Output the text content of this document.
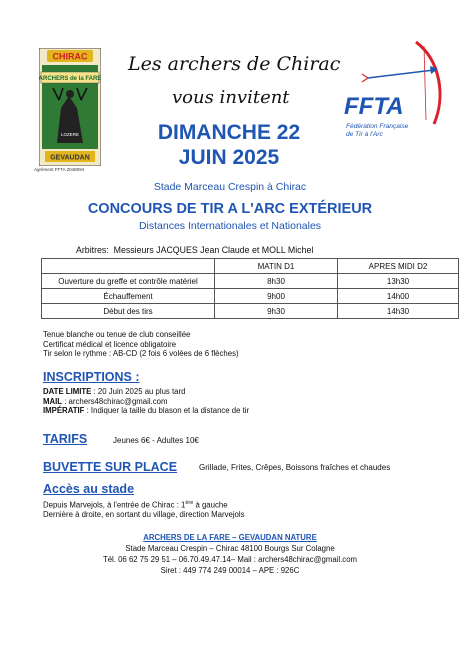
CHIRAC
ARCHERS de la FARE
LOZERE
GEVAUDAN
Agrément FFTA 2048094
Les archers de Chirac
vous invitent FFTA
Fédération Française
de Tir à l'Arc
DIMANCHE 22
JUIN 2025
Stade Marceau Crespin à Chirac
CONCOURS DE TIR A L'ARC EXTÉRIEUR
Distances Internationales et Nationales
Arbitres: Messieurs JACQUES Jean Claude et MOLL Michel
	MATIN D1	APRES MIDI D2
Ouverture du greffe et contrôle matériel	8h30	13h30
Échauffement	9h00	14h00
Début des tirs	9h30	14h30
Tenue blanche ou tenue de club conseillée
Certificat médical et licence obligatoire
Tir selon le rythme : AB-CD (2 fois 6 volées de 6 flèches)
INSCRIPTIONS :
DATE LIMITE : 20 Juin 2025 au plus tard
MAIL : archers48chirac@gmail.com
IMPÉRATIF : Indiquer la taille du blason et la distance de tir
TARIFS	Jeunes 6€ - Adultes 10€
BUVETTE SUR PLACE	Grillade, Frites, Crêpes, Boissons fraîches et chaudes
Accès au stade
Depuis Marvejols, à l'entrée de Chirac : 1ère à gauche
Dernière à droite, en sortant du village, direction Marvejols
ARCHERS DE LA FARE – GEVAUDAN NATURE
Stade Marceau Crespin – Chirac 48100 Bourgs Sur Colagne
Tél. 06 62 75 29 51 – 06.70.49.47.14– Mail : archers48chirac@gmail.com
Siret : 449 774 249 00014 – APE : 926C
